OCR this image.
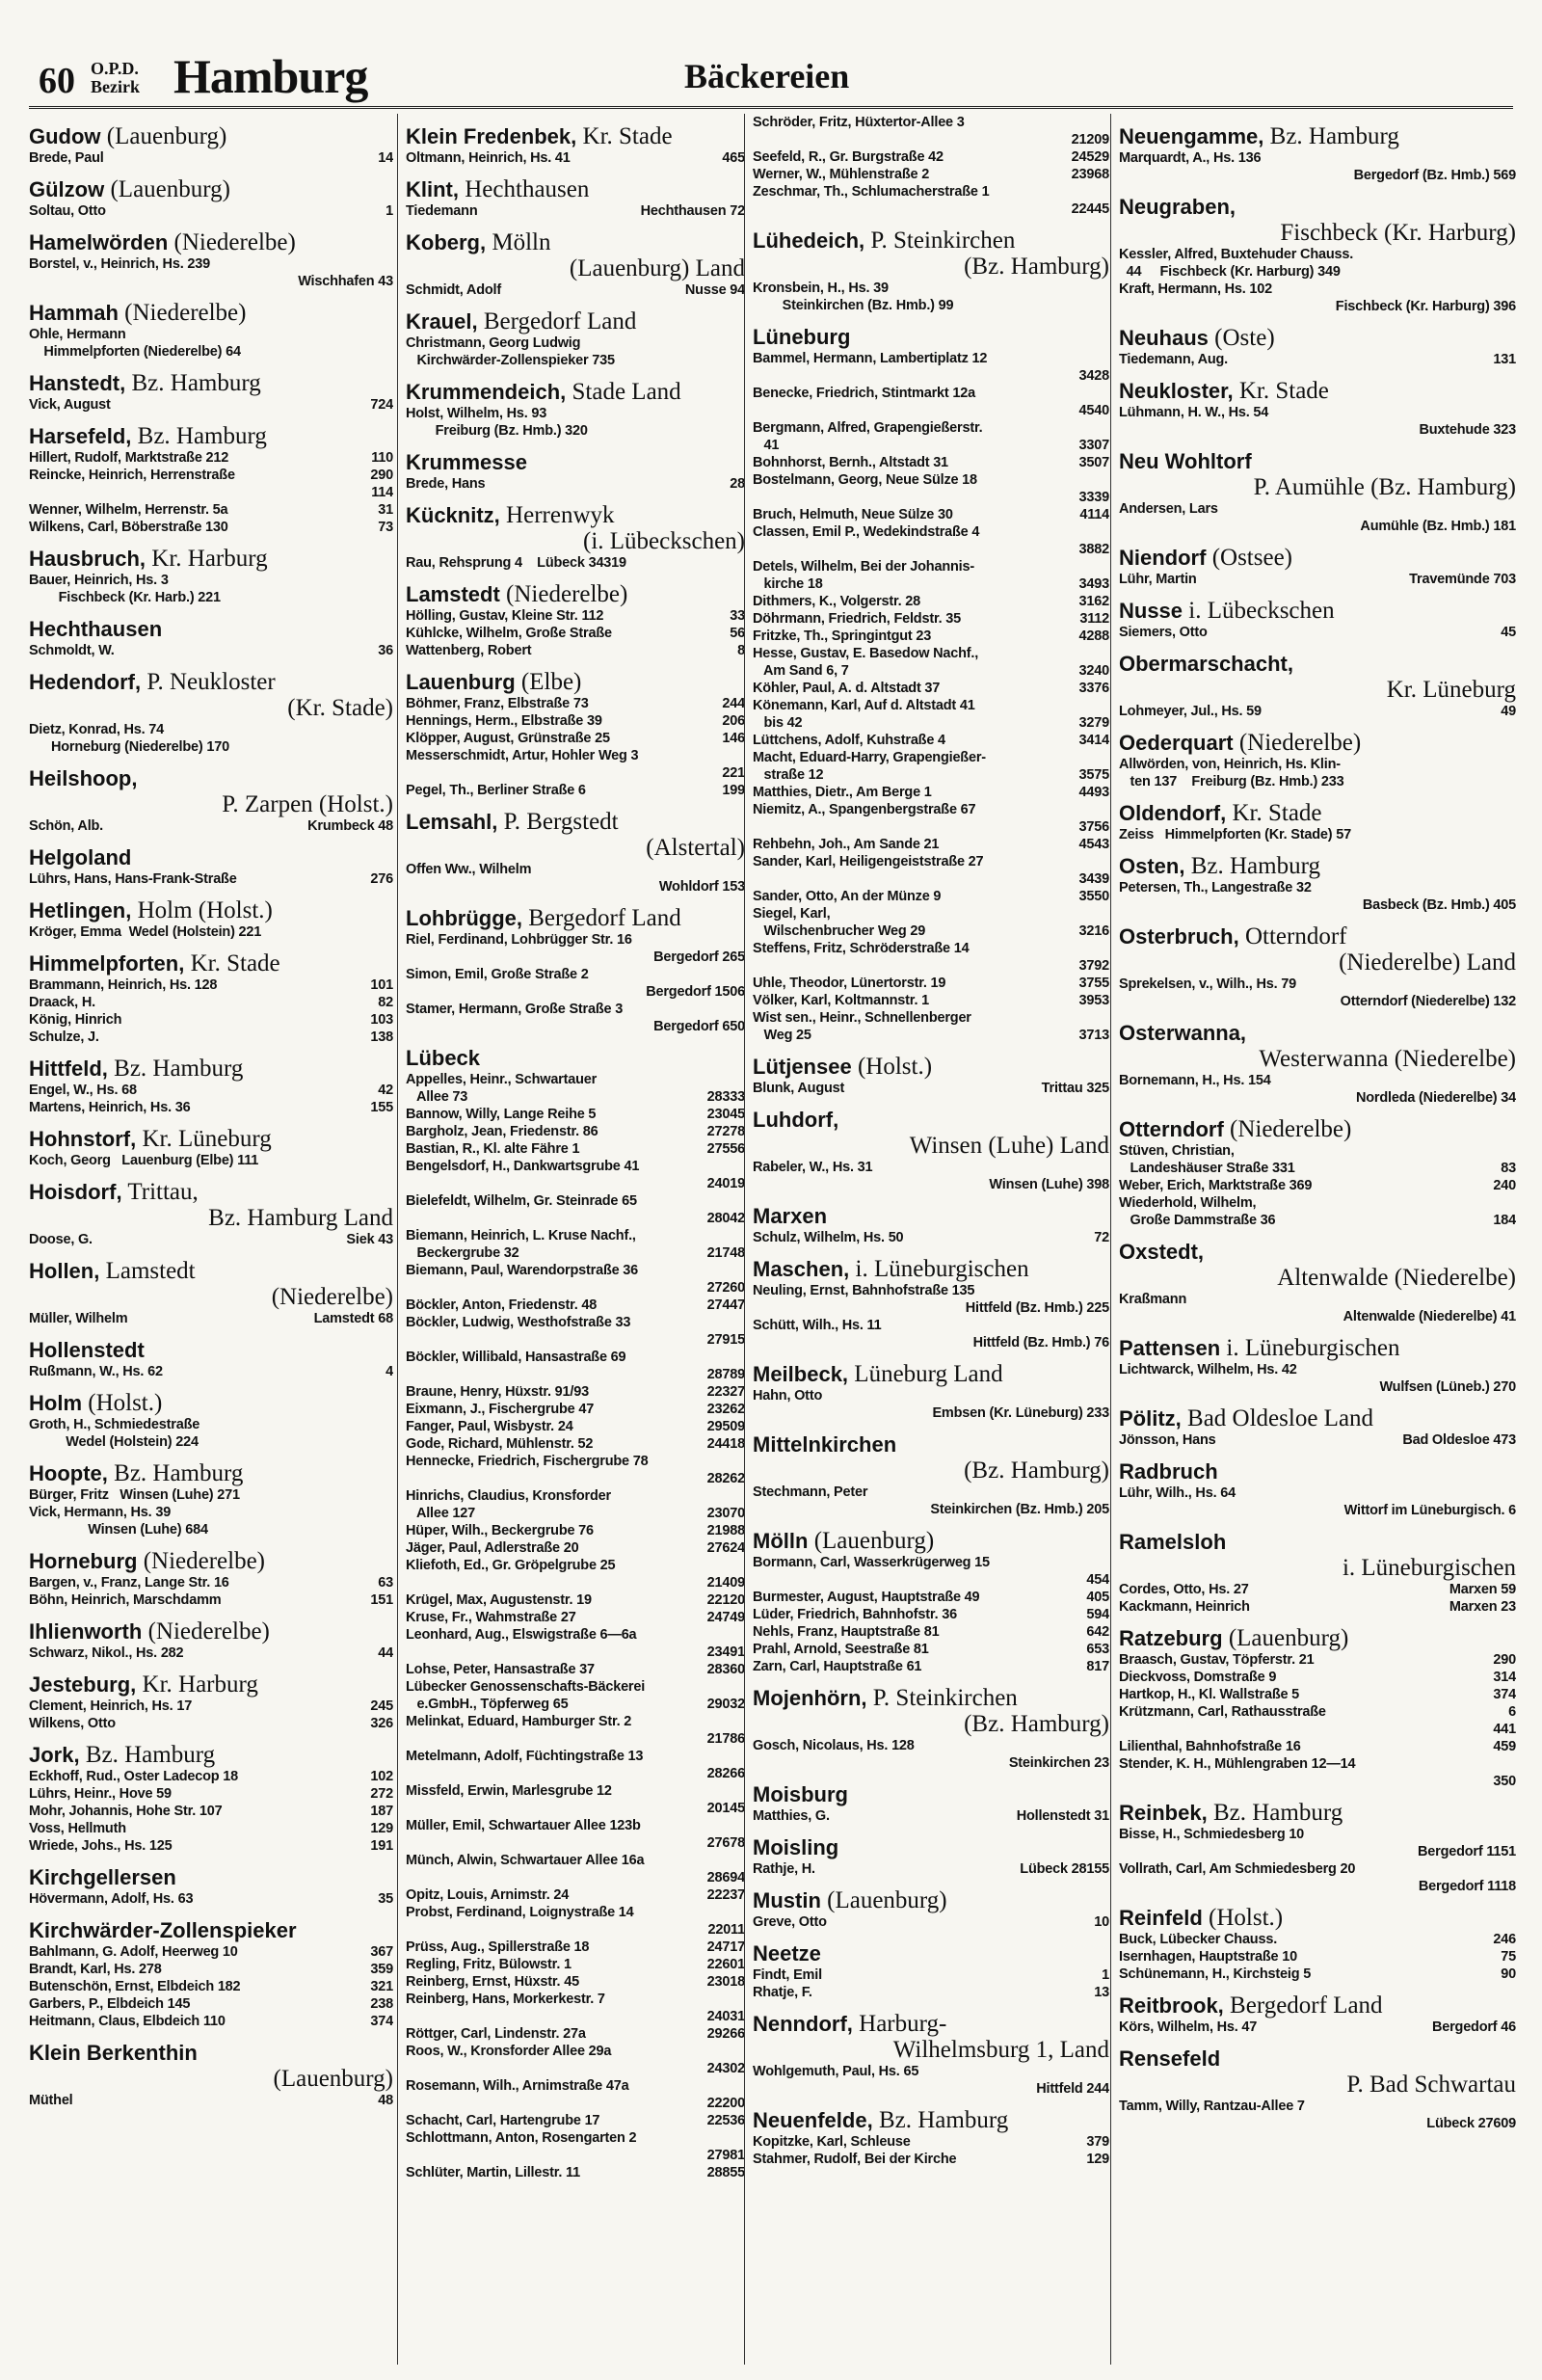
60 O.P.D.
Bezirk Hamburg	Bäckereien
Gudow (Lauenburg)
Brede, Paul	14
Gülzow (Lauenburg)
Soltau, Otto	1
Hamelwörden (Niederelbe)
Borstel, v., Heinrich, Hs. 239
Wischhafen 43
Hammah (Niederelbe)
Ohle, Hermann
Himmelpforten (Niederelbe) 64
Hanstedt, Bz. Hamburg
Vick, August	724
Harsefeld, Bz. Hamburg
Hillert, Rudolf, Marktstraße 212	110
Reincke, Heinrich, Herrenstraße	290
114
Wenner, Wilhelm, Herrenstr. 5a	31
Wilkens, Carl, Böberstraße 130	73
Hausbruch, Kr. Harburg
Bauer, Heinrich, Hs. 3
Fischbeck (Kr. Harb.) 221
Hechthausen
Schmoldt, W.	36
Hedendorf, P. Neukloster
(Kr. Stade)
Dietz, Konrad, Hs. 74
Horneburg (Niederelbe) 170
Heilshoop,
P. Zarpen (Holst.)
Schön, Alb.	Krumbeck 48
Helgoland
Lührs, Hans, Hans-Frank-Straße	276
Hetlingen, Holm (Holst.)
Kröger, Emma  Wedel (Holstein) 221
Himmelpforten, Kr. Stade
Brammann, Heinrich, Hs. 128	101
Draack, H.	82
König, Hinrich	103
Schulze, J.	138
Hittfeld, Bz. Hamburg
Engel, W., Hs. 68	42
Martens, Heinrich, Hs. 36	155
Hohnstorf, Kr. Lüneburg
Koch, Georg   Lauenburg (Elbe) 111
Hoisdorf, Trittau,
Bz. Hamburg Land
Doose, G.	Siek 43
Hollen, Lamstedt
(Niederelbe)
Müller, Wilhelm	Lamstedt 68
Hollenstedt
Rußmann, W., Hs. 62	4
Holm (Holst.)
Groth, H., Schmiedestraße
Wedel (Holstein) 224
Hoopte, Bz. Hamburg
Bürger, Fritz   Winsen (Luhe) 271
Vick, Hermann, Hs. 39
Winsen (Luhe) 684
Horneburg (Niederelbe)
Bargen, v., Franz, Lange Str. 16	63
Böhn, Heinrich, Marschdamm	151
Ihlienworth (Niederelbe)
Schwarz, Nikol., Hs. 282	44
Jesteburg, Kr. Harburg
Clement, Heinrich, Hs. 17	245
Wilkens, Otto	326
Jork, Bz. Hamburg
Eckhoff, Rud., Oster Ladecop 18	102
Lührs, Heinr., Hove 59	272
Mohr, Johannis, Hohe Str. 107	187
Voss, Hellmuth	129
Wriede, Johs., Hs. 125	191
Kirchgellersen
Hövermann, Adolf, Hs. 63	35
Kirchwärder-Zollenspieker
Bahlmann, G. Adolf, Heerweg 10	367
Brandt, Karl, Hs. 278	359
Butenschön, Ernst, Elbdeich 182	321
Garbers, P., Elbdeich 145	238
Heitmann, Claus, Elbdeich 110	374
Klein Berkenthin
(Lauenburg)
Müthel	48
Klein Fredenbek, Kr. Stade
Oltmann, Heinrich, Hs. 41	465
Klint, Hechthausen
Tiedemann	Hechthausen 72
Koberg, Mölln
(Lauenburg) Land
Schmidt, Adolf	Nusse 94
Krauel, Bergedorf Land
Christmann, Georg Ludwig
Kirchwärder-Zollenspieker 735
Krummendeich, Stade Land
Holst, Wilhelm, Hs. 93
Freiburg (Bz. Hmb.) 320
Krummesse
Brede, Hans	28
Kücknitz, Herrenwyk
(i. Lübeckschen)
Rau, Rehsprung 4    Lübeck 34319
Lamstedt (Niederelbe)
Hölling, Gustav, Kleine Str. 112	33
Kühlcke, Wilhelm, Große Straße	56
Wattenberg, Robert	8
Lauenburg (Elbe)
Böhmer, Franz, Elbstraße 73	244
Hennings, Herm., Elbstraße 39	206
Klöpper, August, Grünstraße 25	146
Messerschmidt, Artur, Hohler Weg 3
221
Pegel, Th., Berliner Straße 6	199
Lemsahl, P. Bergstedt
(Alstertal)
Offen Ww., Wilhelm
Wohldorf 153
Lohbrügge, Bergedorf Land
Riel, Ferdinand, Lohbrügger Str. 16
Bergedorf 265
Simon, Emil, Große Straße 2
Bergedorf 1506
Stamer, Hermann, Große Straße 3
Bergedorf 650
Lübeck
Appelles, Heinr., Schwartauer
Allee 73	28333
Bannow, Willy, Lange Reihe 5	23045
Bargholz, Jean, Friedenstr. 86	27278
Bastian, R., Kl. alte Fähre 1	27556
Bengelsdorf, H., Dankwartsgrube 41
24019
Bielefeldt, Wilhelm, Gr. Steinrade 65
28042
Biemann, Heinrich, L. Kruse Nachf.,
Beckergrube 32	21748
Biemann, Paul, Warendorpstraße 36
27260
Böckler, Anton, Friedenstr. 48	27447
Böckler, Ludwig, Westhofstraße 33
27915
Böckler, Willibald, Hansastraße 69
28789
Braune, Henry, Hüxstr. 91/93	22327
Eixmann, J., Fischergrube 47	23262
Fanger, Paul, Wisbystr. 24	29509
Gode, Richard, Mühlenstr. 52	24418
Hennecke, Friedrich, Fischergrube 78
28262
Hinrichs, Claudius, Kronsforder
Allee 127	23070
Hüper, Wilh., Beckergrube 76	21988
Jäger, Paul, Adlerstraße 20	27624
Kliefoth, Ed., Gr. Gröpelgrube 25
21409
Krügel, Max, Augustenstr. 19	22120
Kruse, Fr., Wahmstraße 27	24749
Leonhard, Aug., Elswigstraße 6—6a
23491
Lohse, Peter, Hansastraße 37	28360
Lübecker Genossenschafts-Bäckerei
e.GmbH., Töpferweg 65	29032
Melinkat, Eduard, Hamburger Str. 2
21786
Metelmann, Adolf, Füchtingstraße 13
28266
Missfeld, Erwin, Marlesgrube 12
20145
Müller, Emil, Schwartauer Allee 123b
27678
Münch, Alwin, Schwartauer Allee 16a
28694
Opitz, Louis, Arnimstr. 24	22237
Probst, Ferdinand, Loignystraße 14
22011
Prüss, Aug., Spillerstraße 18	24717
Regling, Fritz, Bülowstr. 1	22601
Reinberg, Ernst, Hüxstr. 45	23018
Reinberg, Hans, Morkerkestr. 7
24031
Röttger, Carl, Lindenstr. 27a	29266
Roos, W., Kronsforder Allee 29a
24302
Rosemann, Wilh., Arnimstraße 47a
22200
Schacht, Carl, Hartengrube 17	22536
Schlottmann, Anton, Rosengarten 2
27981
Schlüter, Martin, Lillestr. 11	28855
Schröder, Fritz, Hüxtertor-Allee 3
21209
Seefeld, R., Gr. Burgstraße 42	24529
Werner, W., Mühlenstraße 2	23968
Zeschmar, Th., Schlumacherstraße 1
22445
Lühedeich, P. Steinkirchen
(Bz. Hamburg)
Kronsbein, H., Hs. 39
Steinkirchen (Bz. Hmb.) 99
Lüneburg
Bammel, Hermann, Lambertiplatz 12
3428
Benecke, Friedrich, Stintmarkt 12a
4540
Bergmann, Alfred, Grapengießerstr.
41	3307
Bohnhorst, Bernh., Altstadt 31	3507
Bostelmann, Georg, Neue Sülze 18
3339
Bruch, Helmuth, Neue Sülze 30	4114
Classen, Emil P., Wedekindstraße 4
3882
Detels, Wilhelm, Bei der Johannis-
kirche 18	3493
Dithmers, K., Volgerstr. 28	3162
Döhrmann, Friedrich, Feldstr. 35	3112
Fritzke, Th., Springintgut 23	4288
Hesse, Gustav, E. Basedow Nachf.,
Am Sand 6, 7	3240
Köhler, Paul, A. d. Altstadt 37	3376
Könemann, Karl, Auf d. Altstadt 41
bis 42	3279
Lüttchens, Adolf, Kuhstraße 4	3414
Macht, Eduard-Harry, Grapengießer-
straße 12	3575
Matthies, Dietr., Am Berge 1	4493
Niemitz, A., Spangenbergstraße 67
3756
Rehbehn, Joh., Am Sande 21	4543
Sander, Karl, Heiligengeiststraße 27
3439
Sander, Otto, An der Münze 9	3550
Siegel, Karl,
Wilschenbrucher Weg 29	3216
Steffens, Fritz, Schröderstraße 14
3792
Uhle, Theodor, Lünertorstr. 19	3755
Völker, Karl, Koltmannstr. 1	3953
Wist sen., Heinr., Schnellenberger
Weg 25	3713
Lütjensee (Holst.)
Blunk, August	Trittau 325
Luhdorf,
Winsen (Luhe) Land
Rabeler, W., Hs. 31
Winsen (Luhe) 398
Marxen
Schulz, Wilhelm, Hs. 50	72
Maschen, i. Lüneburgischen
Neuling, Ernst, Bahnhofstraße 135
Hittfeld (Bz. Hmb.) 225
Schütt, Wilh., Hs. 11
Hittfeld (Bz. Hmb.) 76
Meilbeck, Lüneburg Land
Hahn, Otto
Embsen (Kr. Lüneburg) 233
Mittelnkirchen
(Bz. Hamburg)
Stechmann, Peter
Steinkirchen (Bz. Hmb.) 205
Mölln (Lauenburg)
Bormann, Carl, Wasserkrügerweg 15
454
Burmester, August, Hauptstraße 49	405
Lüder, Friedrich, Bahnhofstr. 36	594
Nehls, Franz, Hauptstraße 81	642
Prahl, Arnold, Seestraße 81	653
Zarn, Carl, Hauptstraße 61	817
Mojenhörn, P. Steinkirchen
(Bz. Hamburg)
Gosch, Nicolaus, Hs. 128
Steinkirchen 23
Moisburg
Matthies, G.	Hollenstedt 31
Moisling
Rathje, H.	Lübeck 28155
Mustin (Lauenburg)
Greve, Otto	10
Neetze
Findt, Emil	1
Rhatje, F.	13
Nenndorf, Harburg-
Wilhelmsburg 1, Land
Wohlgemuth, Paul, Hs. 65
Hittfeld 244
Neuenfelde, Bz. Hamburg
Kopitzke, Karl, Schleuse	379
Stahmer, Rudolf, Bei der Kirche	129
Neuengamme, Bz. Hamburg
Marquardt, A., Hs. 136
Bergedorf (Bz. Hmb.) 569
Neugraben,
Fischbeck (Kr. Harburg)
Kessler, Alfred, Buxtehuder Chauss.
44     Fischbeck (Kr. Harburg) 349
Kraft, Hermann, Hs. 102
Fischbeck (Kr. Harburg) 396
Neuhaus (Oste)
Tiedemann, Aug.	131
Neukloster, Kr. Stade
Lühmann, H. W., Hs. 54
Buxtehude 323
Neu Wohltorf
P. Aumühle (Bz. Hamburg)
Andersen, Lars
Aumühle (Bz. Hmb.) 181
Niendorf (Ostsee)
Lühr, Martin	Travemünde 703
Nusse i. Lübeckschen
Siemers, Otto	45
Obermarschacht,
Kr. Lüneburg
Lohmeyer, Jul., Hs. 59	49
Oederquart (Niederelbe)
Allwörden, von, Heinrich, Hs. Klin-
ten 137    Freiburg (Bz. Hmb.) 233
Oldendorf, Kr. Stade
Zeiss   Himmelpforten (Kr. Stade) 57
Osten, Bz. Hamburg
Petersen, Th., Langestraße 32
Basbeck (Bz. Hmb.) 405
Osterbruch, Otterndorf
(Niederelbe) Land
Sprekelsen, v., Wilh., Hs. 79
Otterndorf (Niederelbe) 132
Osterwanna,
Westerwanna (Niederelbe)
Bornemann, H., Hs. 154
Nordleda (Niederelbe) 34
Otterndorf (Niederelbe)
Stüven, Christian,
Landeshäuser Straße 331	83
Weber, Erich, Marktstraße 369	240
Wiederhold, Wilhelm,
Große Dammstraße 36	184
Oxstedt,
Altenwalde (Niederelbe)
Kraßmann
Altenwalde (Niederelbe) 41
Pattensen i. Lüneburgischen
Lichtwarck, Wilhelm, Hs. 42
Wulfsen (Lüneb.) 270
Pölitz, Bad Oldesloe Land
Jönsson, Hans	Bad Oldesloe 473
Radbruch
Lühr, Wilh., Hs. 64
Wittorf im Lüneburgisch. 6
Ramelsloh
i. Lüneburgischen
Cordes, Otto, Hs. 27	Marxen 59
Kackmann, Heinrich	Marxen 23
Ratzeburg (Lauenburg)
Braasch, Gustav, Töpferstr. 21	290
Dieckvoss, Domstraße 9	314
Hartkop, H., Kl. Wallstraße 5	374
Krützmann, Carl, Rathausstraße	6
441
Lilienthal, Bahnhofstraße 16	459
Stender, K. H., Mühlengraben 12—14
350
Reinbek, Bz. Hamburg
Bisse, H., Schmiedesberg 10
Bergedorf 1151
Vollrath, Carl, Am Schmiedesberg 20
Bergedorf 1118
Reinfeld (Holst.)
Buck, Lübecker Chauss.	246
Isernhagen, Hauptstraße 10	75
Schünemann, H., Kirchsteig 5	90
Reitbrook, Bergedorf Land
Körs, Wilhelm, Hs. 47	Bergedorf 46
Rensefeld
P. Bad Schwartau
Tamm, Willy, Rantzau-Allee 7
Lübeck 27609
